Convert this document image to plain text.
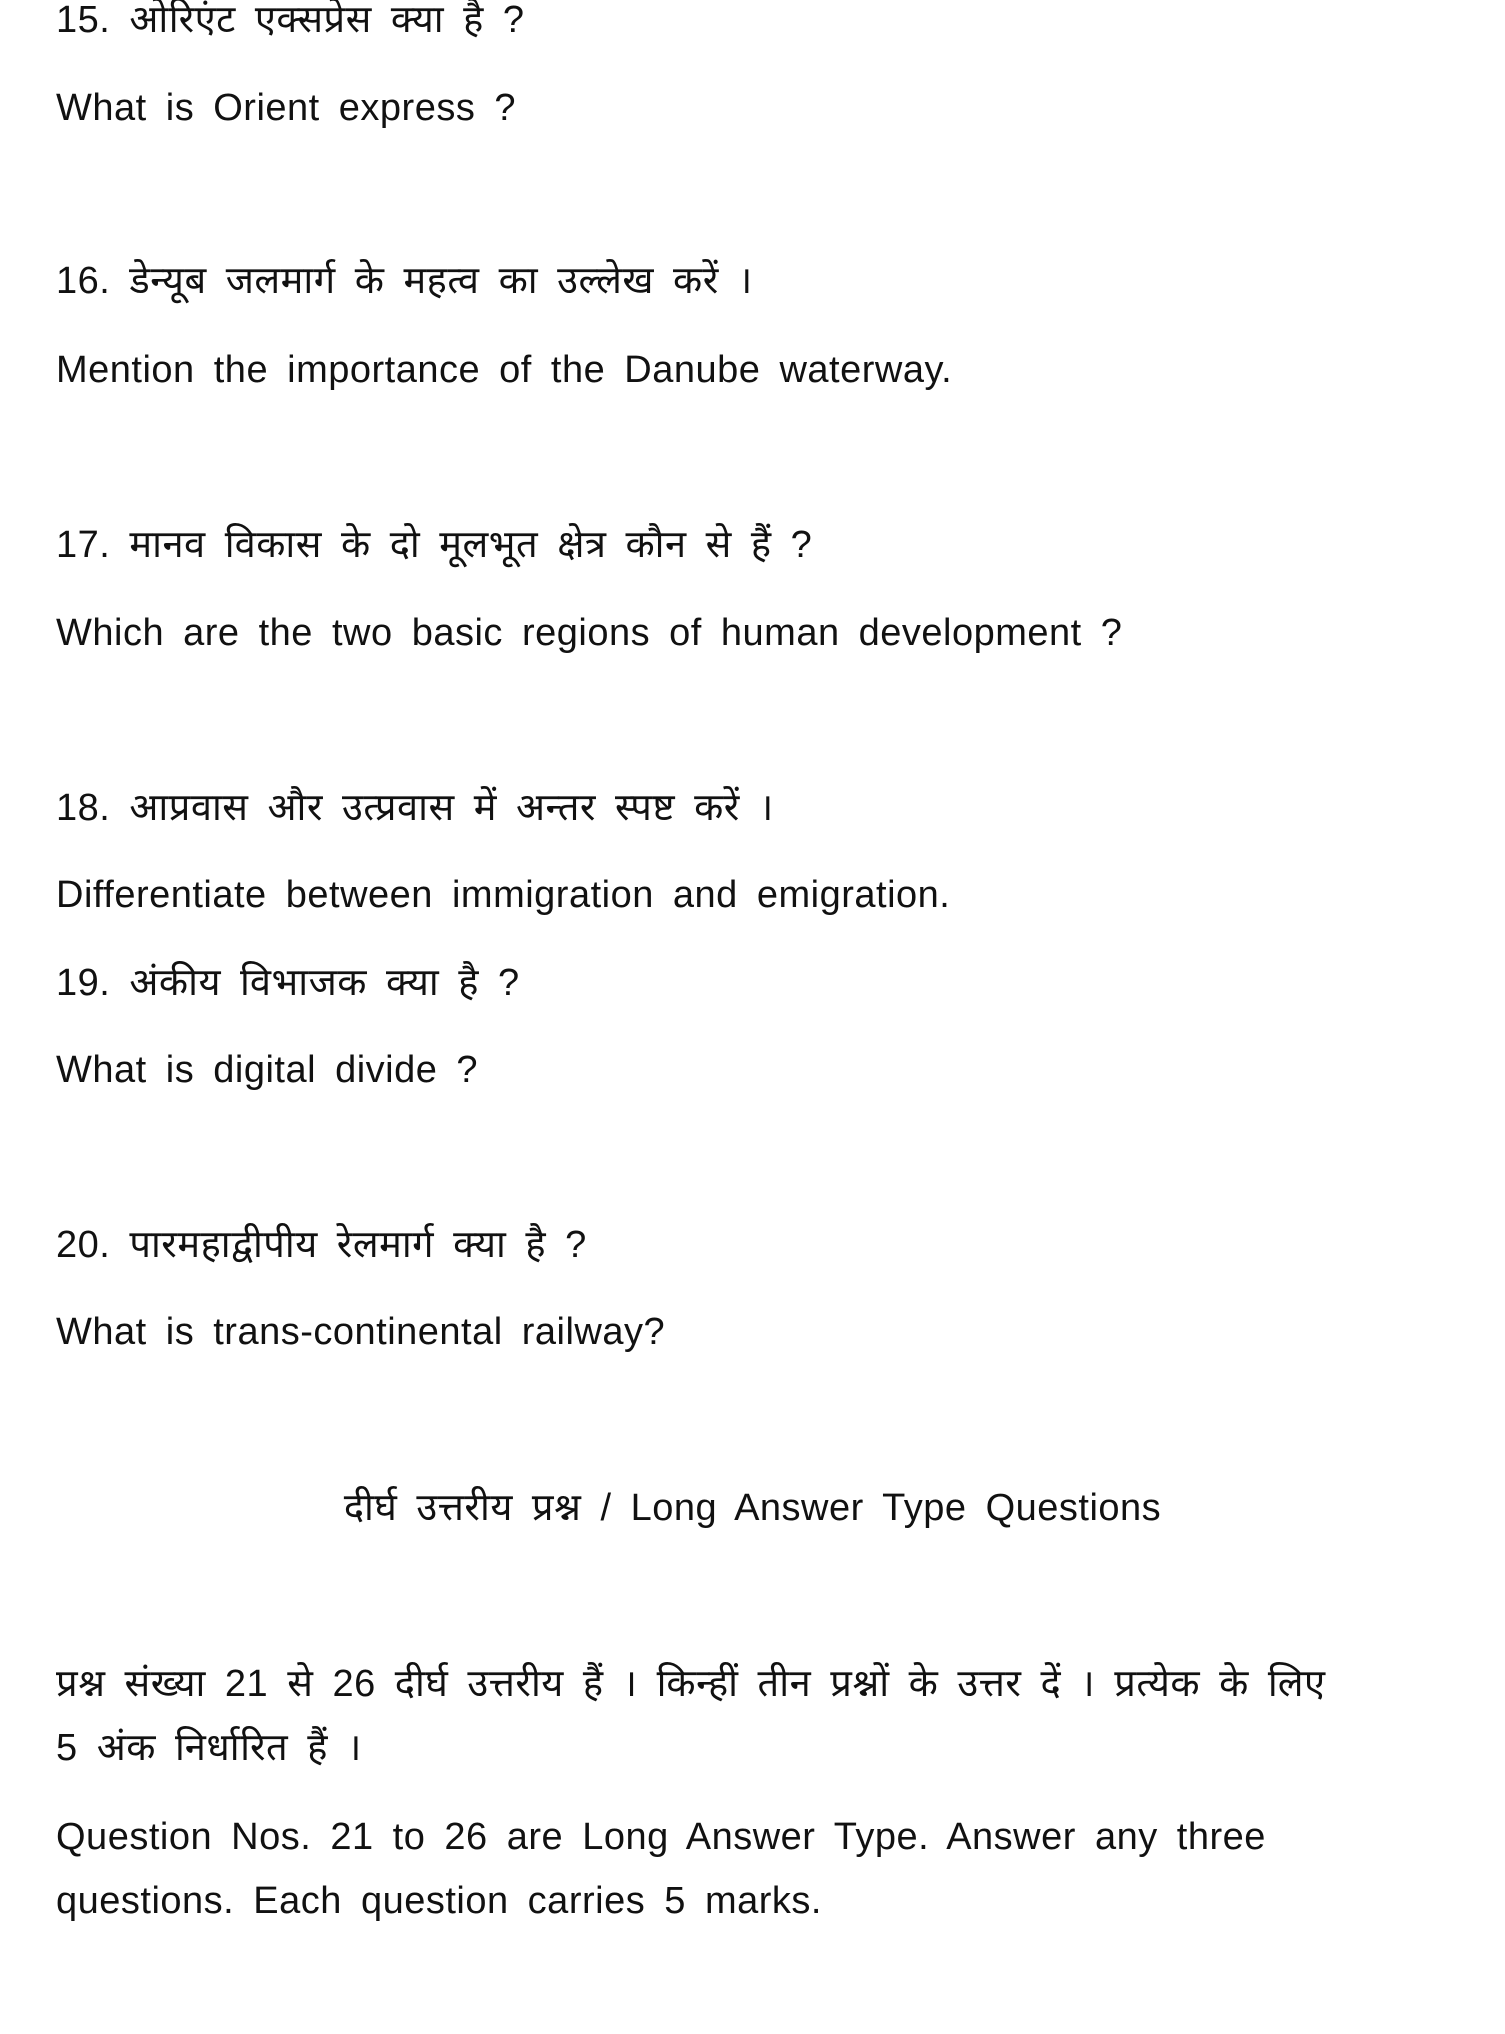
15. ओरिएंट एक्सप्रेस क्या है ?
What is Orient express ?
16. डेन्यूब जलमार्ग के महत्व का उल्लेख करें ।
Mention the importance of the Danube waterway.
17. मानव विकास के दो मूलभूत क्षेत्र कौन से हैं ?
Which are the two basic regions of human development ?
18. आप्रवास और उत्प्रवास में अन्तर स्पष्ट करें ।
Differentiate between immigration and emigration.
19. अंकीय विभाजक क्या है ?
What is digital divide ?
20. पारमहाद्वीपीय रेलमार्ग क्या है ?
What is trans-continental railway?
दीर्घ उत्तरीय प्रश्न / Long Answer Type Questions
प्रश्न संख्या 21 से 26 दीर्घ उत्तरीय हैं । किन्हीं तीन प्रश्नों के उत्तर दें । प्रत्येक के लिए
5 अंक निर्धारित हैं ।
Question Nos. 21 to 26 are Long Answer Type. Answer any three
questions. Each question carries 5 marks.
